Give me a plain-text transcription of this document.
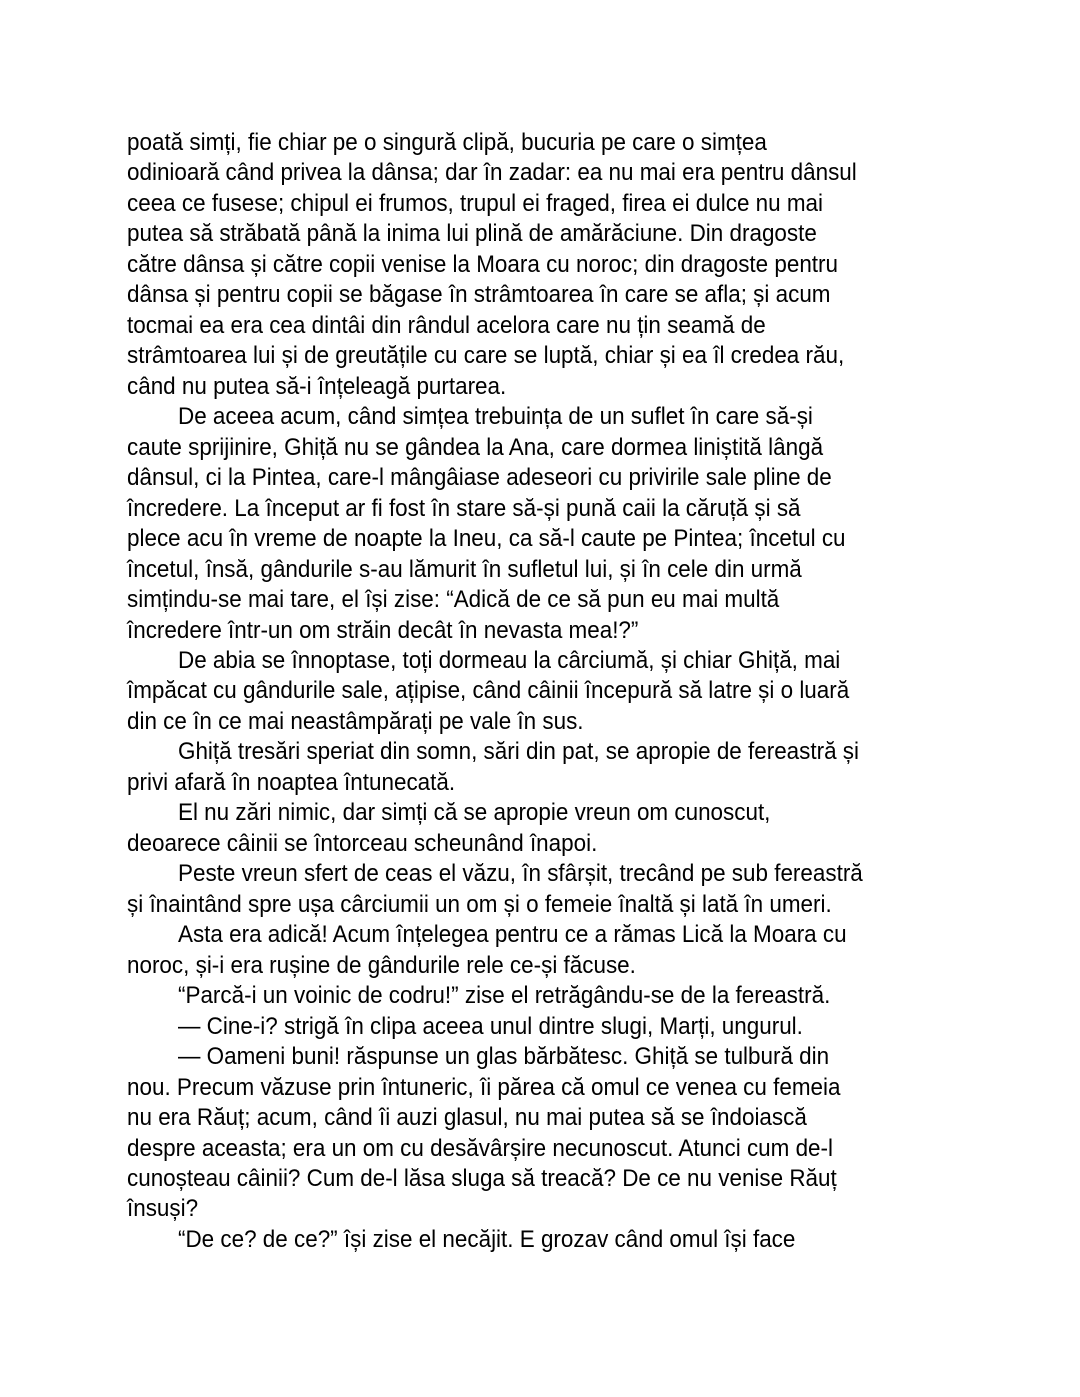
poată simți, fie chiar pe o singură clipă, bucuria pe care o simțea
odinioară când privea la dânsa; dar în zadar: ea nu mai era pentru dânsul
ceea ce fusese; chipul ei frumos, trupul ei fraged, firea ei dulce nu mai
putea să străbată până la inima lui plină de amărăciune. Din dragoste
către dânsa și către copii venise la Moara cu noroc; din dragoste pentru
dânsa și pentru copii se băgase în strâmtoarea în care se afla; și acum
tocmai ea era cea dintâi din rândul acelora care nu țin seamă de
strâmtoarea lui și de greutățile cu care se luptă, chiar și ea îl credea rău,
când nu putea să-i înțeleagă purtarea.
De aceea acum, când simțea trebuința de un suflet în care să-și
caute sprijinire, Ghiță nu se gândea la Ana, care dormea liniștită lângă
dânsul, ci la Pintea, care-l mângâiase adeseori cu privirile sale pline de
încredere. La început ar fi fost în stare să-și pună caii la căruță și să
plece acu în vreme de noapte la Ineu, ca să-l caute pe Pintea; încetul cu
încetul, însă, gândurile s-au lămurit în sufletul lui, și în cele din urmă
simțindu-se mai tare, el își zise: “Adică de ce să pun eu mai multă
încredere într-un om străin decât în nevasta mea!?”
De abia se înnoptase, toți dormeau la cârciumă, și chiar Ghiță, mai
împăcat cu gândurile sale, ațipise, când câinii începură să latre și o luară
din ce în ce mai neastâmpărați pe vale în sus.
Ghiță tresări speriat din somn, sări din pat, se apropie de fereastră și
privi afară în noaptea întunecată.
El nu zări nimic, dar simți că se apropie vreun om cunoscut,
deoarece câinii se întorceau scheunând înapoi.
Peste vreun sfert de ceas el văzu, în sfârșit, trecând pe sub fereastră
și înaintând spre ușa cârciumii un om și o femeie înaltă și lată în umeri.
Asta era adică! Acum înțelegea pentru ce a rămas Lică la Moara cu
noroc, și-i era rușine de gândurile rele ce-și făcuse.
“Parcă-i un voinic de codru!” zise el retrăgându-se de la fereastră.
— Cine-i? strigă în clipa aceea unul dintre slugi, Marți, ungurul.
— Oameni buni! răspunse un glas bărbătesc. Ghiță se tulbură din
nou. Precum văzuse prin întuneric, îi părea că omul ce venea cu femeia
nu era Răuț; acum, când îi auzi glasul, nu mai putea să se îndoiască
despre aceasta; era un om cu desăvârșire necunoscut. Atunci cum de-l
cunoșteau câinii? Cum de-l lăsa sluga să treacă? De ce nu venise Răuț
însuși?
“De ce? de ce?” își zise el necăjit. E grozav când omul își face
